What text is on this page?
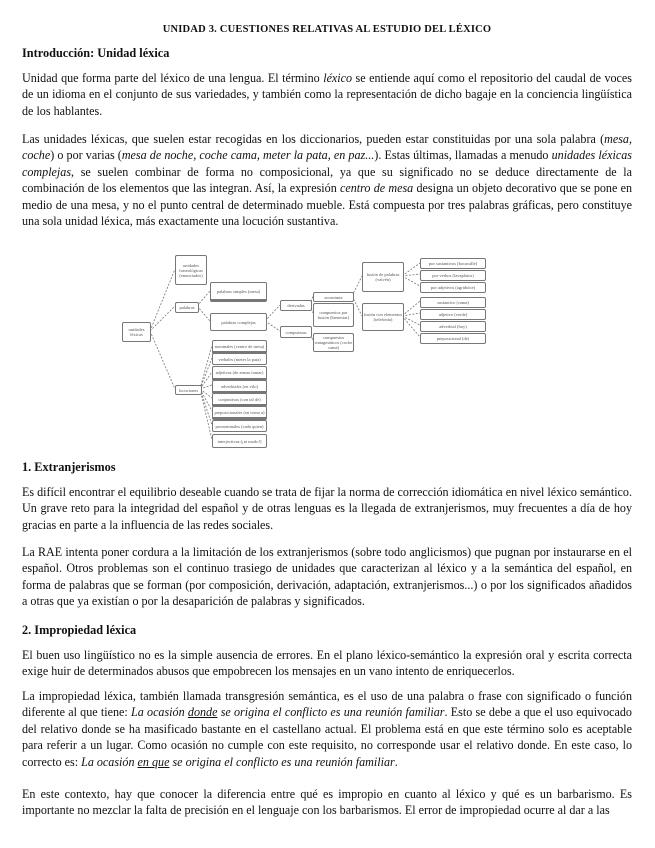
UNIDAD 3. CUESTIONES RELATIVAS AL ESTUDIO DEL LÉXICO
Introducción: Unidad léxica

Unidad que forma parte del léxico de una lengua. El término léxico se entiende aquí como el repositorio del caudal de voces de un idioma en el conjunto de sus variedades, y también como la representación de dicho bagaje en la conciencia lingüística de los hablantes.

Las unidades léxicas, que suelen estar recogidas en los diccionarios, pueden estar constituidas por una sola palabra (mesa, coche) o por varias (mesa de noche, coche cama, meter la pata, en paz...). Estas últimas, llamadas a menudo unidades léxicas complejas, se suelen combinar de forma no composicional, ya que su significado no se deduce directamente de la combinación de los elementos que las integran. Así, la expresión centro de mesa designa un objeto decorativo que se pone en medio de una mesa, y no el punto central de determinado mueble. Está compuesta por tres palabras gráficas, pero constituye una sola unidad léxica, más exactamente una locución sustantiva.

1. Extranjerismos

Es difícil encontrar el equilibrio deseable cuando se trata de fijar la norma de corrección idiomática en nivel léxico semántico. Un grave reto para la integridad del español y de otras lenguas es la llegada de extranjerismos, muy frecuentes a día de hoy gracias en parte a la influencia de las redes sociales.

La RAE intenta poner cordura a la limitación de los extranjerismos (sobre todo anglicismos) que pugnan por instaurarse en el español. Otros problemas son el continuo trasiego de unidades que caracterizan al léxico y a la semántica del español, en forma de palabras que se forman (por composición, derivación, adaptación, extranjerismos...) o por los significados añadidos a otras que ya existían o por la desaparición de palabras y significados.

2. Impropiedad léxica

El buen uso lingüístico no es la simple ausencia de errores. En el plano léxico-semántico la expresión oral y escrita correcta exige huir de determinados abusos que empobrecen los mensajes en un vano intento de enriquecerlos.

La impropiedad léxica, también llamada transgresión semántica, es el uso de una palabra o frase con significado o función diferente al que tiene: La ocasión donde se origina el conflicto es una reunión familiar. Esto se debe a que el uso equivocado del relativo donde se ha masificado bastante en el castellano actual. El problema está en que este término solo es aceptable para referir a un lugar. Como ocasión no cumple con este requisito, no corresponde usar el relativo donde. En este caso, lo correcto es: La ocasión en que se origina el conflicto es una reunión familiar.

En este contexto, hay que conocer la diferencia entre qué es impropio en cuanto al léxico y qué es un barbarismo. Es importante no mezclar la falta de precisión en el lenguaje con los barbarismos. El error de impropiedad ocurre al dar a las

unidades léxicas
unidades fraseológicas (enunciados)
palabras
palabras simples (mesa)
palabras complejas
locuciones
nominales (centro de mesa)
verbales (meter la pata)
adjetivas (de armas tomar)
adverbiales (en vilo)
conjuntivas (con tal de)
preposicionales (en torno a)
pronominales (cada quien)
interjectivas (¡ni modo!)
derivadas
compuestas
acronimia
compuestos por fusión (bienestar)
compuestos sintagmáticos (coche cama)
fusión de palabras (vaivén)
fusión con elementos (telefonía)
por sustantivos (bocacalle)
por verbos (lavaplatos)
por adjetivos (agridulce)
sustantivo (cama)
adjetivo (verde)
adverbial (hoy)
preposicional (de)
